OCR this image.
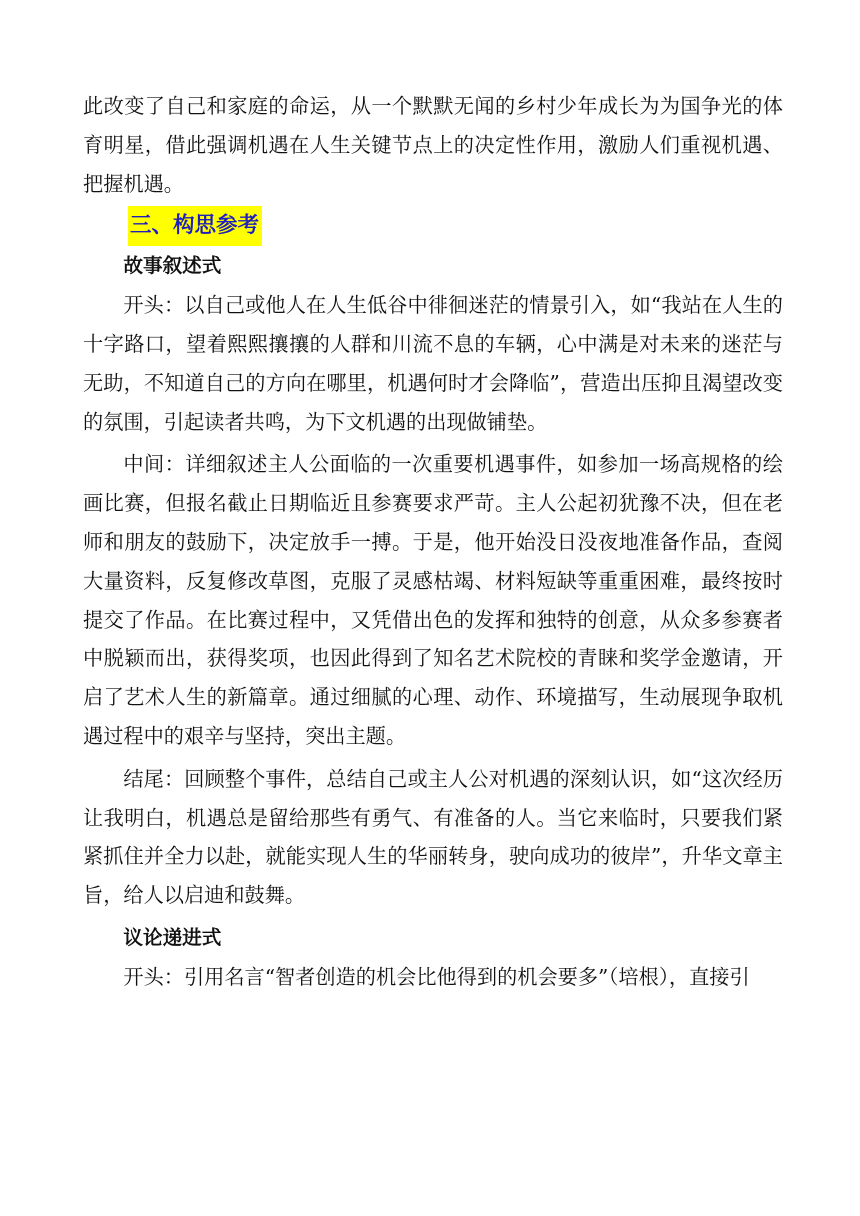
此改变了自己和家庭的命运，从一个默默无闻的乡村少年成长为为国争光的体育明星，借此强调机遇在人生关键节点上的决定性作用，激励人们重视机遇、把握机遇。

三、构思参考

故事叙述式

开头：以自己或他人在人生低谷中徘徊迷茫的情景引入，如“我站在人生的十字路口，望着熙熙攘攘的人群和川流不息的车辆，心中满是对未来的迷茫与无助，不知道自己的方向在哪里，机遇何时才会降临”，营造出压抑且渴望改变的氛围，引起读者共鸣，为下文机遇的出现做铺垫。

中间：详细叙述主人公面临的一次重要机遇事件，如参加一场高规格的绘画比赛，但报名截止日期临近且参赛要求严苛。主人公起初犹豫不决，但在老师和朋友的鼓励下，决定放手一搏。于是，他开始没日没夜地准备作品，查阅大量资料，反复修改草图，克服了灵感枯竭、材料短缺等重重困难，最终按时提交了作品。在比赛过程中，又凭借出色的发挥和独特的创意，从众多参赛者中脱颖而出，获得奖项，也因此得到了知名艺术院校的青睐和奖学金邀请，开启了艺术人生的新篇章。通过细腻的心理、动作、环境描写，生动展现争取机遇过程中的艰辛与坚持，突出主题。

结尾：回顾整个事件，总结自己或主人公对机遇的深刻认识，如“这次经历让我明白，机遇总是留给那些有勇气、有准备的人。当它来临时，只要我们紧紧抓住并全力以赴，就能实现人生的华丽转身，驶向成功的彼岸”，升华文章主旨，给人以启迪和鼓舞。

议论递进式

开头：引用名言“智者创造的机会比他得到的机会要多”（培根），直接引
